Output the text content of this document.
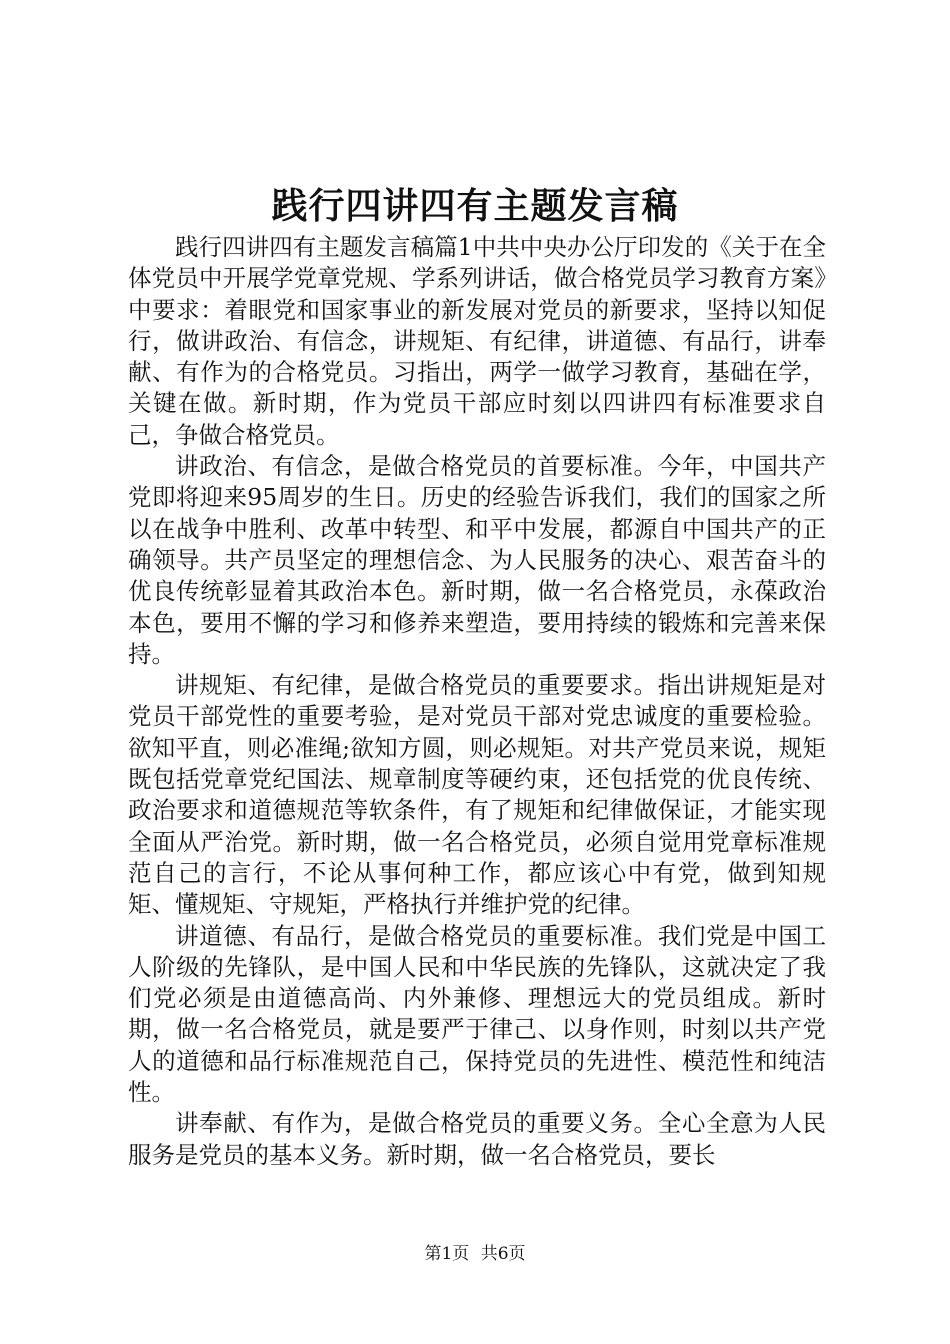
践行四讲四有主题发言稿

践行四讲四有主题发言稿篇1中共中央办公厅印发的《关于在全体党员中开展学党章党规、学系列讲话，做合格党员学习教育方案》中要求：着眼党和国家事业的新发展对党员的新要求，坚持以知促行，做讲政治、有信念，讲规矩、有纪律，讲道德、有品行，讲奉献、有作为的合格党员。习指出，两学一做学习教育，基础在学，关键在做。新时期，作为党员干部应时刻以四讲四有标准要求自己，争做合格党员。

讲政治、有信念，是做合格党员的首要标准。今年，中国共产党即将迎来95周岁的生日。历史的经验告诉我们，我们的国家之所以在战争中胜利、改革中转型、和平中发展，都源自中国共产的正确领导。共产员坚定的理想信念、为人民服务的决心、艰苦奋斗的优良传统彰显着其政治本色。新时期，做一名合格党员，永葆政治本色，要用不懈的学习和修养来塑造，要用持续的锻炼和完善来保持。

讲规矩、有纪律，是做合格党员的重要要求。指出讲规矩是对党员干部党性的重要考验，是对党员干部对党忠诚度的重要检验。欲知平直，则必准绳;欲知方圆，则必规矩。对共产党员来说，规矩既包括党章党纪国法、规章制度等硬约束，还包括党的优良传统、政治要求和道德规范等软条件，有了规矩和纪律做保证，才能实现全面从严治党。新时期，做一名合格党员，必须自觉用党章标准规范自己的言行，不论从事何种工作，都应该心中有党，做到知规矩、懂规矩、守规矩，严格执行并维护党的纪律。

讲道德、有品行，是做合格党员的重要标准。我们党是中国工人阶级的先锋队，是中国人民和中华民族的先锋队，这就决定了我们党必须是由道德高尚、内外兼修、理想远大的党员组成。新时期，做一名合格党员，就是要严于律己、以身作则，时刻以共产党人的道德和品行标准规范自己，保持党员的先进性、模范性和纯洁性。

讲奉献、有作为，是做合格党员的重要义务。全心全意为人民服务是党员的基本义务。新时期，做一名合格党员，要长

第1页 共6页
